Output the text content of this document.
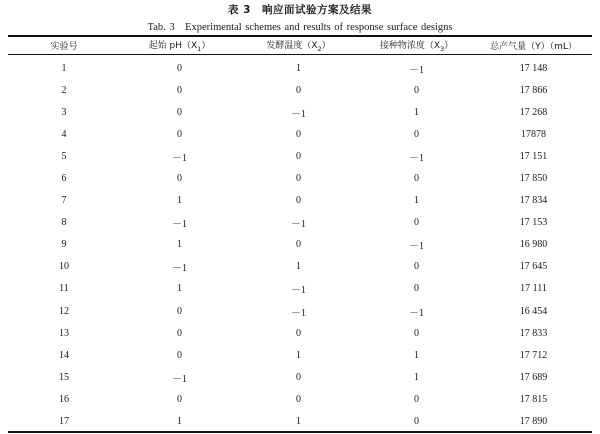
表 3　响应面试验方案及结果
Tab. 3　Experimental schemes and results of response surface designs
实验号	起始 $pH(X_1)$	发酵温度$(X_2)$	接种物浓度$(X_3)$	总产气量（Y）（mL）
1	0	1	－1	17 148
2	0	0	0	17 866
3	0	－1	1	17 268
4	0	0	0	17878
5	－1	0	－1	17 151
6	0	0	0	17 850
7	1	0	1	17 834
8	－1	－1	0	17 153
9	1	0	－1	16 980
10	－1	1	0	17 645
11	1	－1	0	17 111
12	0	－1	－1	16 454
13	0	0	0	17 833
14	0	1	1	17 712
15	－1	0	1	17 689
16	0	0	0	17 815
17	1	1	0	17 890
